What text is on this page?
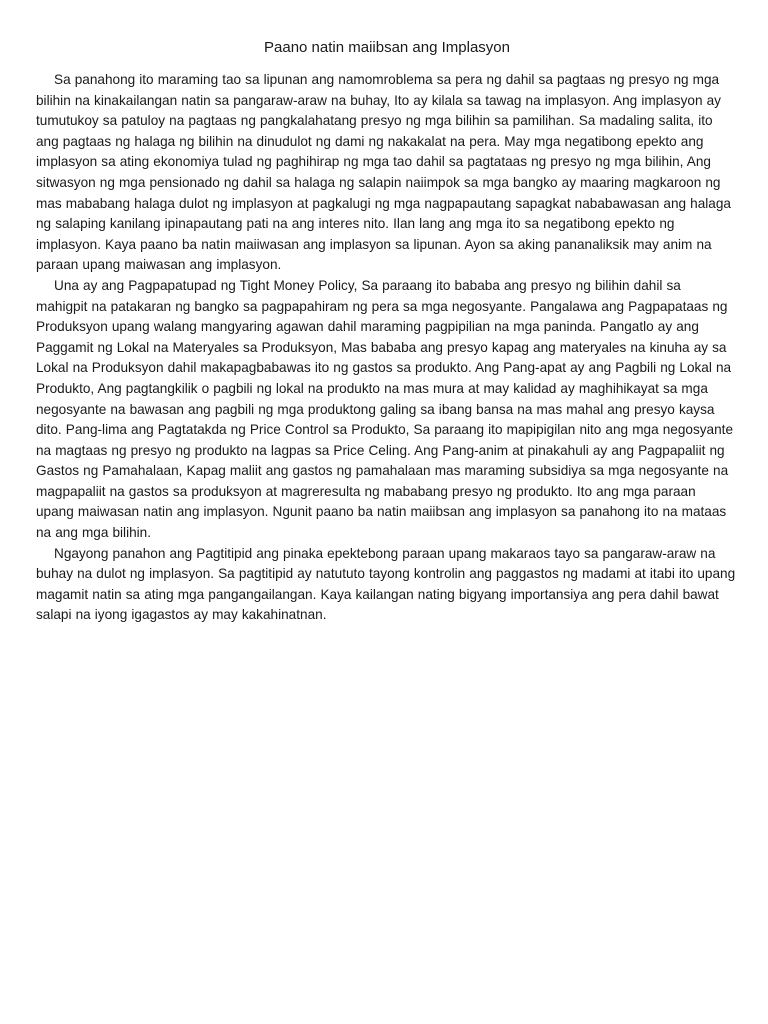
Paano natin maiibsan ang Implasyon

Sa panahong ito maraming tao sa lipunan ang namomroblema sa pera ng dahil sa pagtaas ng presyo ng mga bilihin na kinakailangan natin sa pangaraw-araw na buhay, Ito ay kilala sa tawag na implasyon. Ang implasyon ay tumutukoy sa patuloy na pagtaas ng pangkalahatang presyo ng mga bilihin sa pamilihan. Sa madaling salita, ito ang pagtaas ng halaga ng bilihin na dinudulot ng dami ng nakakalat na pera. May mga negatibong epekto ang implasyon sa ating ekonomiya tulad ng paghihirap ng mga tao dahil sa pagtataas ng presyo ng mga bilihin, Ang sitwasyon ng mga pensionado ng dahil sa halaga ng salapin naiimpok sa mga bangko ay maaring magkaroon ng mas mababang halaga dulot ng implasyon at pagkalugi ng mga nagpapautang sapagkat nababawasan ang halaga ng salaping kanilang ipinapautang pati na ang interes nito. Ilan lang ang mga ito sa negatibong epekto ng implasyon. Kaya paano ba natin maiiwasan ang implasyon sa lipunan. Ayon sa aking pananaliksik may anim na paraan upang maiwasan ang implasyon.

Una ay ang Pagpapatupad ng Tight Money Policy, Sa paraang ito bababa ang presyo ng bilihin dahil sa mahigpit na patakaran ng bangko sa pagpapahiram ng pera sa mga negosyante. Pangalawa ang Pagpapataas ng Produksyon upang walang mangyaring agawan dahil maraming pagpipilian na mga paninda. Pangatlo ay ang Paggamit ng Lokal na Materyales sa Produksyon, Mas bababa ang presyo kapag ang materyales na kinuha ay sa Lokal na Produksyon dahil makapagbabawas ito ng gastos sa produkto. Ang Pang-apat ay ang Pagbili ng Lokal na Produkto, Ang pagtangkilik o pagbili ng lokal na produkto na mas mura at may kalidad ay maghihikayat sa mga negosyante na bawasan ang pagbili ng mga produktong galing sa ibang bansa na mas mahal ang presyo kaysa dito. Pang-lima ang Pagtatakda ng Price Control sa Produkto, Sa paraang ito mapipigilan nito ang mga negosyante na magtaas ng presyo ng produkto na lagpas sa Price Celing. Ang Pang-anim at pinakahuli ay ang Pagpapaliit ng Gastos ng Pamahalaan, Kapag maliit ang gastos ng pamahalaan mas maraming subsidiya sa mga negosyante na magpapaliit na gastos sa produksyon at magreresulta ng mababang presyo ng produkto. Ito ang mga paraan upang maiwasan natin ang implasyon. Ngunit paano ba natin maiibsan ang implasyon sa panahong ito na mataas na ang mga bilihin.

Ngayong panahon ang Pagtitipid ang pinaka epektebong paraan upang makaraos tayo sa pangaraw-araw na buhay na dulot ng implasyon. Sa pagtitipid ay natututo tayong kontrolin ang paggastos ng madami at itabi ito upang magamit natin sa ating mga pangangailangan. Kaya kailangan nating bigyang importansiya ang pera dahil bawat salapi na iyong igagastos ay may kakahinatnan.
